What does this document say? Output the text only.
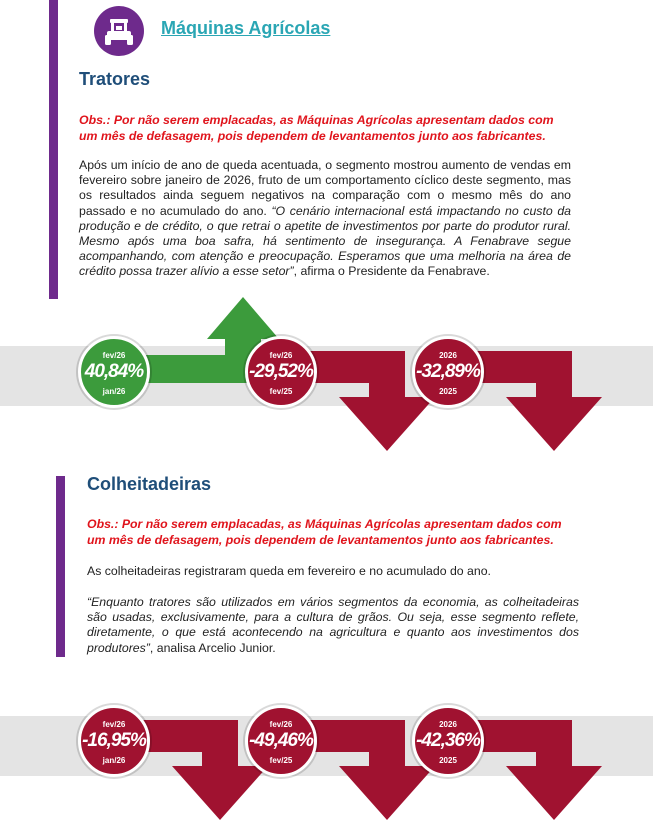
Máquinas Agrícolas
Tratores

Obs.: Por não serem emplacadas, as Máquinas Agrícolas apresentam dados com um mês de defasagem, pois dependem de levantamentos junto aos fabricantes.

Após um início de ano de queda acentuada, o segmento mostrou aumento de vendas em fevereiro sobre janeiro de 2026, fruto de um comportamento cíclico deste segmento, mas os resultados ainda seguem negativos na comparação com o mesmo mês do ano passado e no acumulado do ano. “O cenário internacional está impactando no custo da produção e de crédito, o que retrai o apetite de investimentos por parte do produtor rural. Mesmo após uma boa safra, há sentimento de insegurança. A Fenabrave segue acompanhando, com atenção e preocupação. Esperamos que uma melhoria na área de crédito possa trazer alívio a esse setor”, afirma o Presidente da Fenabrave.

fev/26
40,84%
jan/26
fev/26
-29,52%
fev/25
2026
-32,89%
2025
Colheitadeiras

Obs.: Por não serem emplacadas, as Máquinas Agrícolas apresentam dados com um mês de defasagem, pois dependem de levantamentos junto aos fabricantes.

As colheitadeiras registraram queda em fevereiro e no acumulado do ano.

“Enquanto tratores são utilizados em vários segmentos da economia, as colheitadeiras são usadas, exclusivamente, para a cultura de grãos. Ou seja, esse segmento reflete, diretamente, o que está acontecendo na agricultura e quanto aos investimentos dos produtores”, analisa Arcelio Junior.

fev/26
-16,95%
jan/26
fev/26
-49,46%
fev/25
2026
-42,36%
2025
